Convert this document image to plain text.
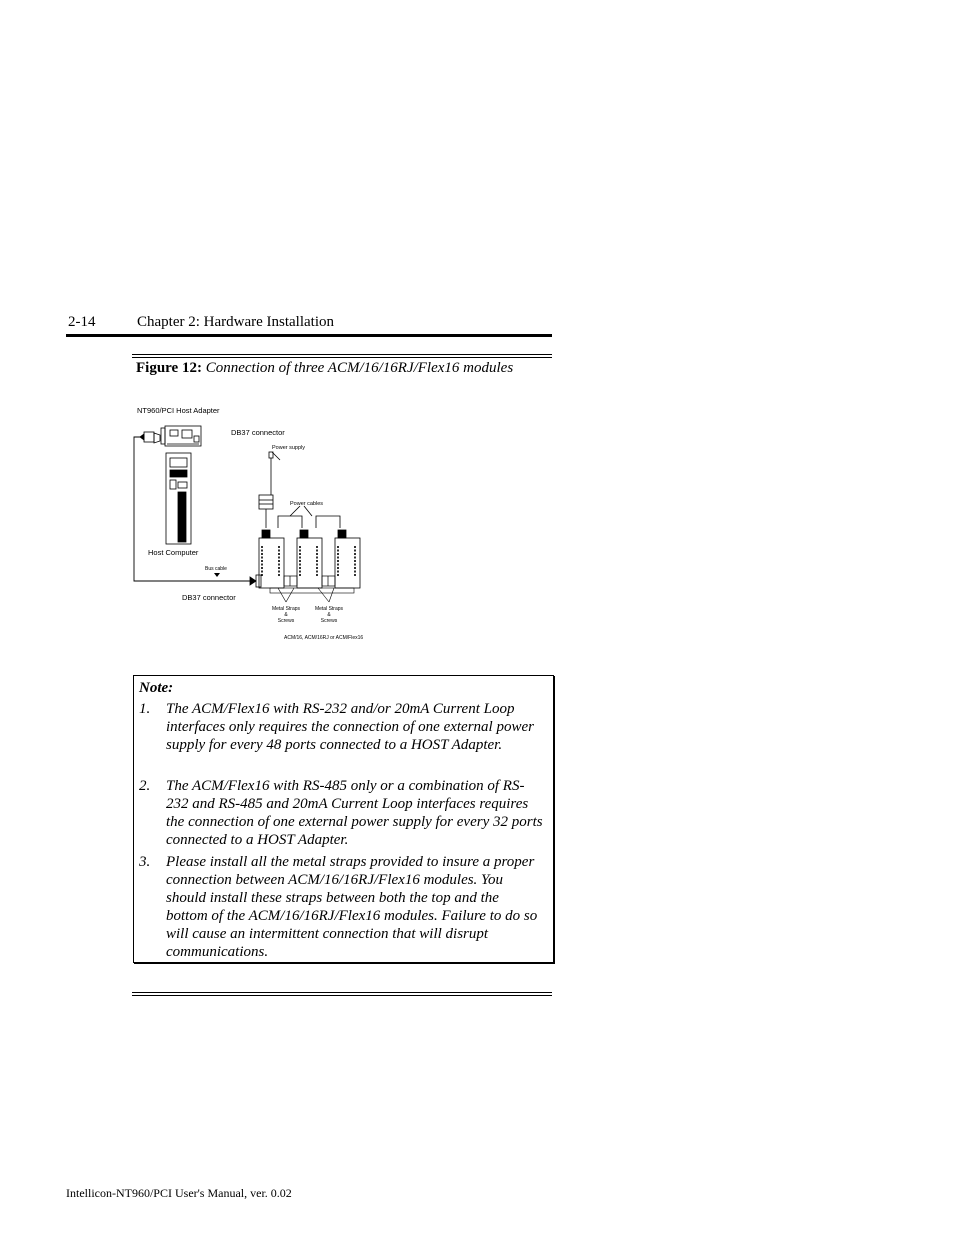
2-14	Chapter 2: Hardware Installation
Figure 12: Connection of three ACM/16/16RJ/Flex16 modules
NT960/PCI Host Adapter
DB37 connector
Power supply
Power cables
Host Computer
Bus cable
DB37 connector
Metal Straps
&
Screws
Metal Straps
&
Screws
ACM/16, ACM/16RJ or ACM/Flex16
Note:
1. The ACM/Flex16 with RS-232 and/or 20mA Current Loop interfaces only requires the connection of one external power supply for every 48 ports connected to a HOST Adapter.
2. The ACM/Flex16 with RS-485 only or a combination of RS-232 and RS-485 and 20mA Current Loop interfaces requires the connection of one external power supply for every 32 ports connected to a HOST Adapter.
3. Please install all the metal straps provided to insure a proper connection between ACM/16/16RJ/Flex16 modules. You should install these straps between both the top and the bottom of the ACM/16/16RJ/Flex16 modules. Failure to do so will cause an intermittent connection that will disrupt communications.
Intellicon-NT960/PCI User's Manual, ver. 0.02
